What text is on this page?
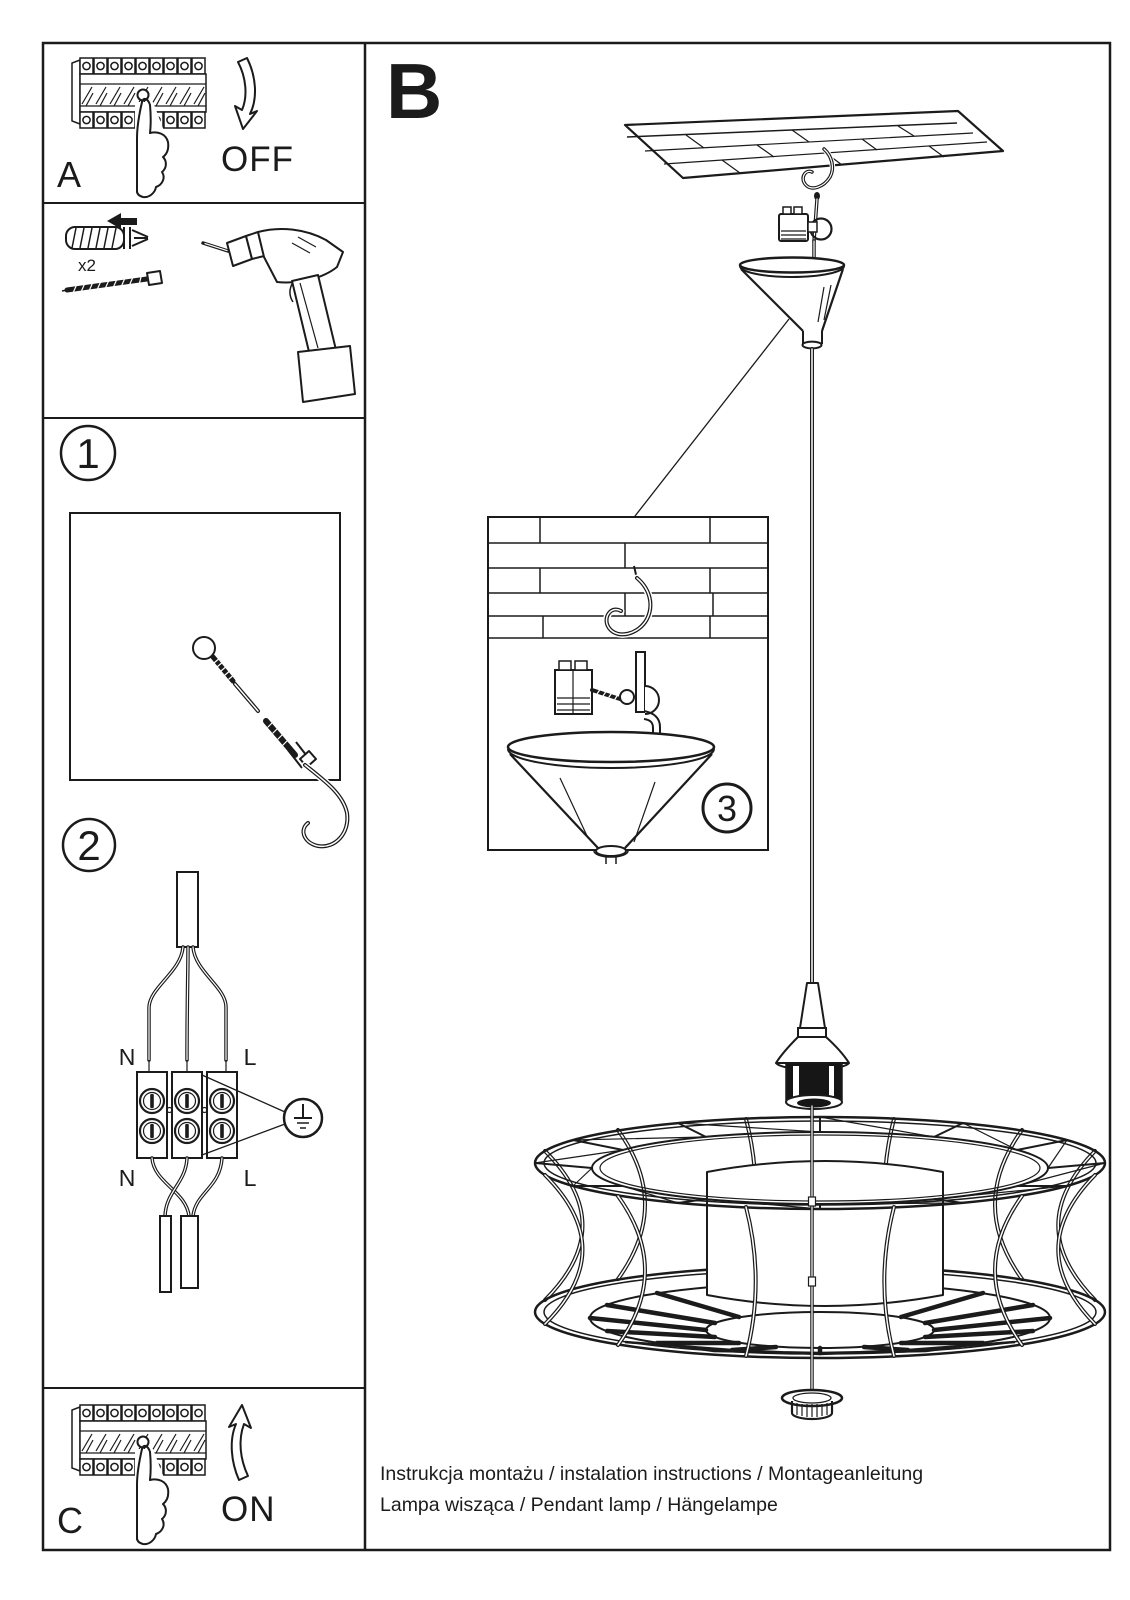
A	OFF
x2
1
2
N	L
N	L
C	ON
B
3
Instrukcja montażu / instalation instructions / Montageanleitung
Lampa wisząca / Pendant lamp / Hängelampe
